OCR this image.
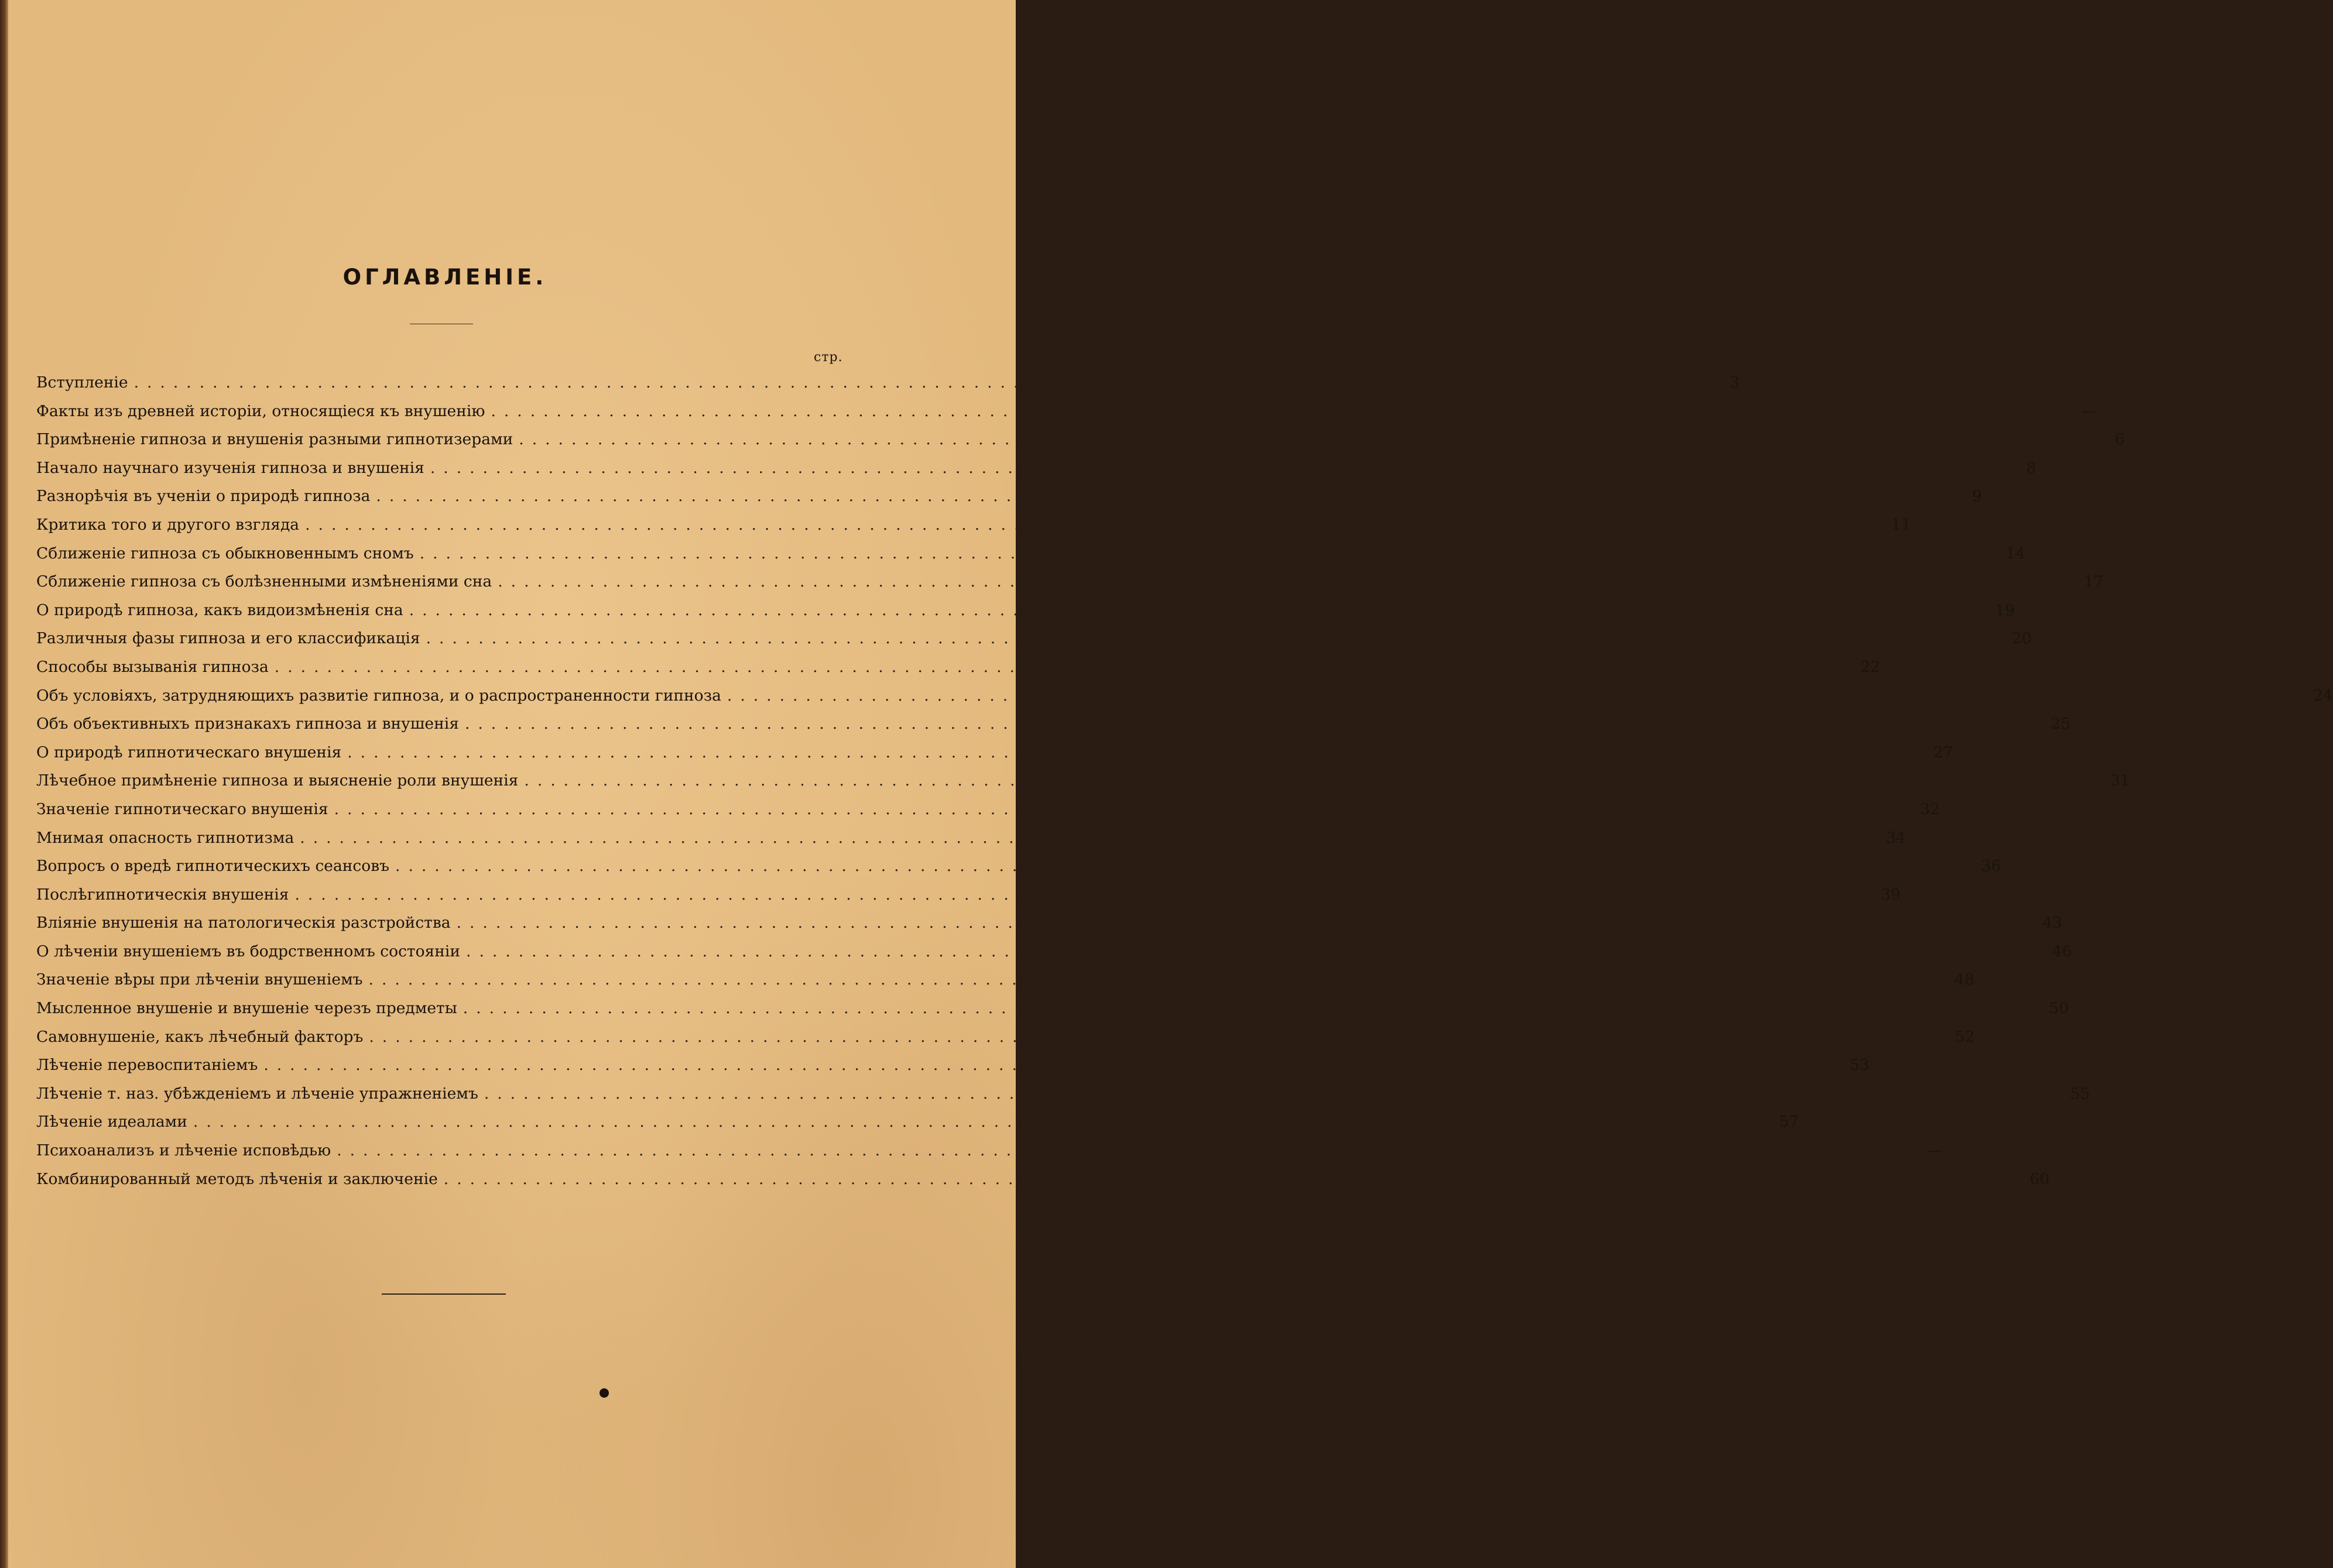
ОГЛАВЛЕНІЕ.
стр.
Вступленіе ........................................................................................................................	3
Факты изъ древней исторіи, относящіеся къ внушенію ........................................................................................................................ —
Примѣненіе гипноза и внушенія разными гипнотизерами ........................................................................................................................	6
Начало научнаго изученія гипноза и внушенія ........................................................................................................................	8
Разнорѣчія въ ученіи о природѣ гипноза ........................................................................................................................	9
Критика того и другого взгляда ........................................................................................................................ 11
Сближеніе гипноза съ обыкновеннымъ сномъ ........................................................................................................................ 14
Сближеніе гипноза съ болѣзненными измѣненіями сна ........................................................................................................................ 17
О природѣ гипноза, какъ видоизмѣненія сна ........................................................................................................................ 19
Различныя фазы гипноза и его классификація ........................................................................................................................ 20
Способы вызыванія гипноза ........................................................................................................................ 22
Объ условіяхъ, затрудняющихъ развитіе гипноза, и о распространенности гипноза ........................................................................................................................ 24
Объ объективныхъ признакахъ гипноза и внушенія ........................................................................................................................ 25
О природѣ гипнотическаго внушенія ........................................................................................................................ 27
Лѣчебное примѣненіе гипноза и выясненіе роли внушенія ........................................................................................................................ 31
Значеніе гипнотическаго внушенія ........................................................................................................................ 32
Мнимая опасность гипнотизма ........................................................................................................................ 34
Вопросъ о вредѣ гипнотическихъ сеансовъ ........................................................................................................................ 36
Послѣгипнотическія внушенія ........................................................................................................................ 39
Вліяніе внушенія на патологическія разстройства ........................................................................................................................ 43
О лѣченіи внушеніемъ въ бодрственномъ состояніи ........................................................................................................................ 46
Значеніе вѣры при лѣченіи внушеніемъ ........................................................................................................................ 48
Мысленное внушеніе и внушеніе черезъ предметы ........................................................................................................................ 50
Самовнушеніе, какъ лѣчебный факторъ ........................................................................................................................ 52
Лѣченіе перевоспитаніемъ ........................................................................................................................ 53
Лѣченіе т. наз. убѣжденіемъ и лѣченіе упражненіемъ ........................................................................................................................ 55
Лѣченіе идеалами ........................................................................................................................ 57
Психоанализъ и лѣченіе исповѣдью ........................................................................................................................ —
Комбинированный методъ лѣченія и заключеніе ........................................................................................................................ 60
